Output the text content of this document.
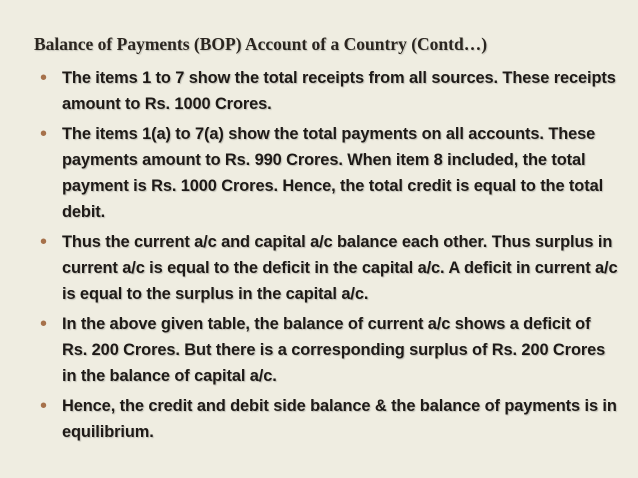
Balance of Payments (BOP) Account of a Country (Contd…)
• The items 1 to 7 show the total receipts from all sources. These receipts amount to Rs. 1000 Crores.
• The items 1(a) to 7(a) show the total payments on all accounts. These payments amount to Rs. 990 Crores. When item 8 included, the total payment is Rs. 1000 Crores. Hence, the total credit is equal to the total debit.
• Thus the current a/c and capital a/c balance each other. Thus surplus in current a/c is equal to the deficit in the capital a/c. A deficit in current a/c is equal to the surplus in the capital a/c.
• In the above given table, the balance of current a/c shows a deficit of Rs. 200 Crores. But there is a corresponding surplus of Rs. 200 Crores in the balance of capital a/c.
• Hence, the credit and debit side balance & the balance of payments is in equilibrium.
